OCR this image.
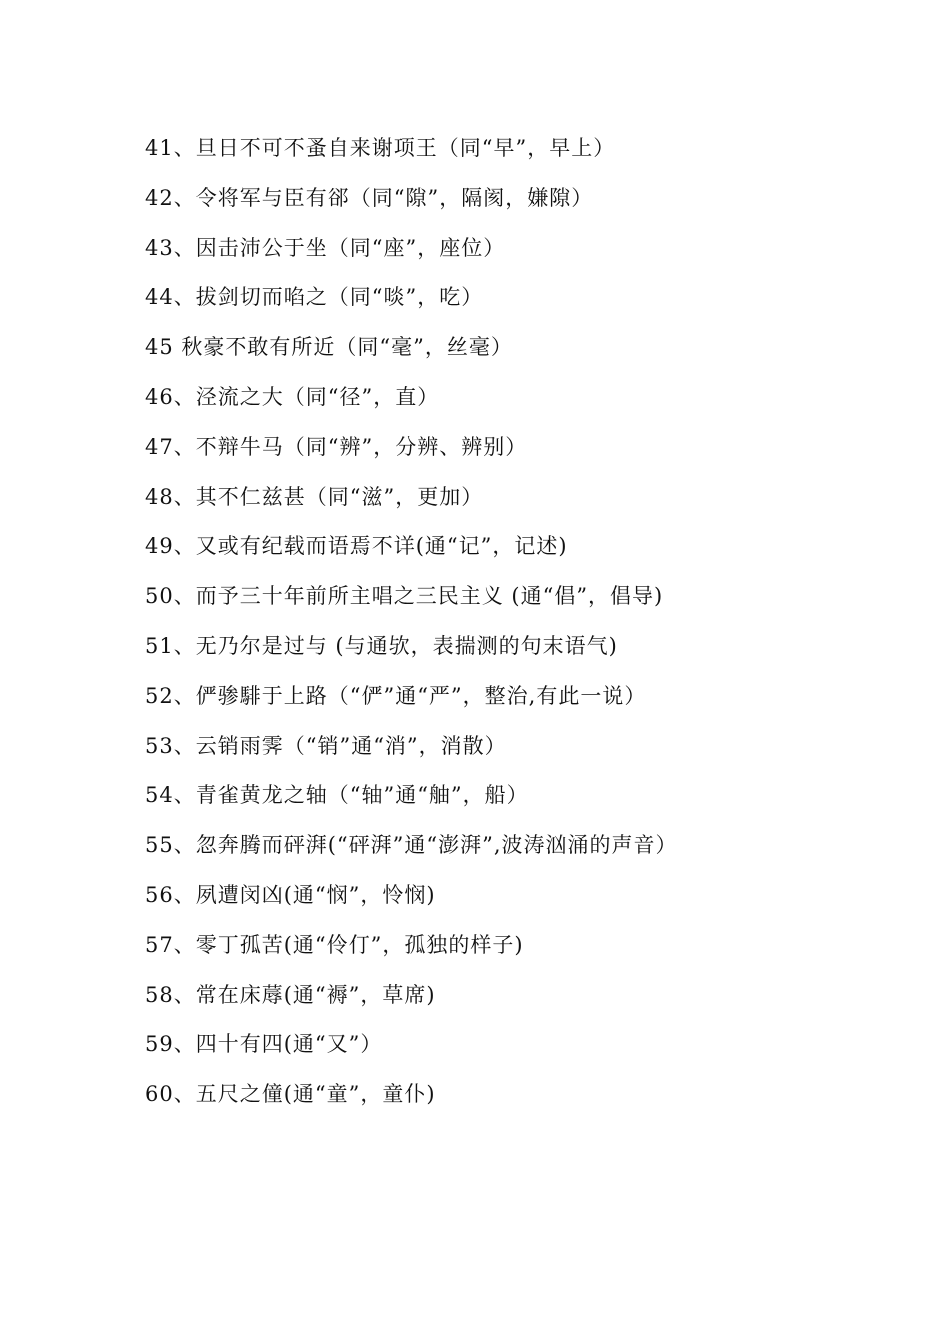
41、旦日不可不蚤自来谢项王（同“早”，早上）
42、令将军与臣有郤（同“隙”，隔阂，嫌隙）
43、因击沛公于坐（同“座”，座位）
44、拔剑切而啗之（同“啖”，吃）
45 秋豪不敢有所近（同“毫”，丝毫）
46、泾流之大（同“径”，直）
47、不辩牛马（同“辨”，分辨、辨别）
48、其不仁兹甚（同“滋”，更加）
49、又或有纪载而语焉不详(通“记”，记述)
50、而予三十年前所主唱之三民主义 (通“倡”，倡导)
51、无乃尔是过与 (与通欤，表揣测的句末语气)
52、俨骖騑于上路（“俨”通“严”，整治,有此一说）
53、云销雨霁（“销”通“消”，消散）
54、青雀黄龙之轴（“轴”通“舳”，船）
55、忽奔腾而砰湃(“砰湃”通“澎湃”,波涛汹涌的声音）
56、夙遭闵凶(通“悯”，怜悯)
57、零丁孤苦(通“伶仃”，孤独的样子)
58、常在床蓐(通“褥”，草席)
59、四十有四(通“又”）
60、五尺之僮(通“童”，童仆)
